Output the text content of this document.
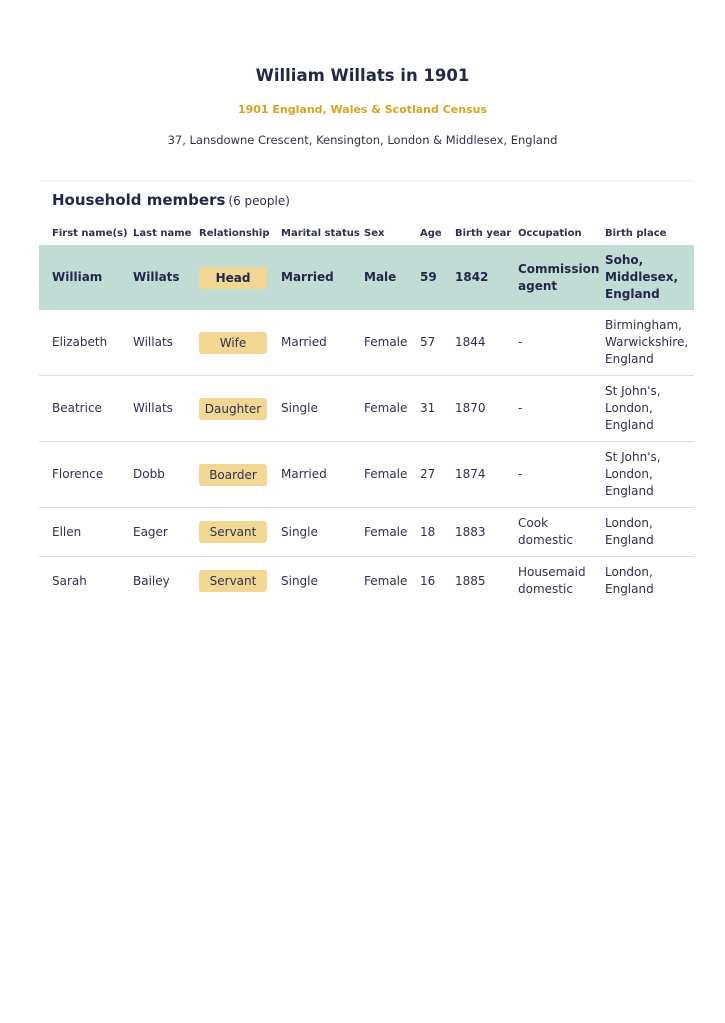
William Willats in 1901
1901 England, Wales & Scotland Census
37, Lansdowne Crescent, Kensington, London & Middlesex, England
Household members (6 people)
First name(s)	Last name	Relationship	Marital status	Sex	Age	Birth year	Occupation	Birth place
William	Willats	Head	Married	Male	59	1842	Commission agent	Soho, Middlesex, England
Elizabeth	Willats	Wife	Married	Female	57	1844	-	Birmingham, Warwickshire, England
Beatrice	Willats	Daughter	Single	Female	31	1870	-	St John's, London, England
Florence	Dobb	Boarder	Married	Female	27	1874	-	St John's, London, England
Ellen	Eager	Servant	Single	Female	18	1883	Cook domestic	London, England
Sarah	Bailey	Servant	Single	Female	16	1885	Housemaid domestic	London, England
